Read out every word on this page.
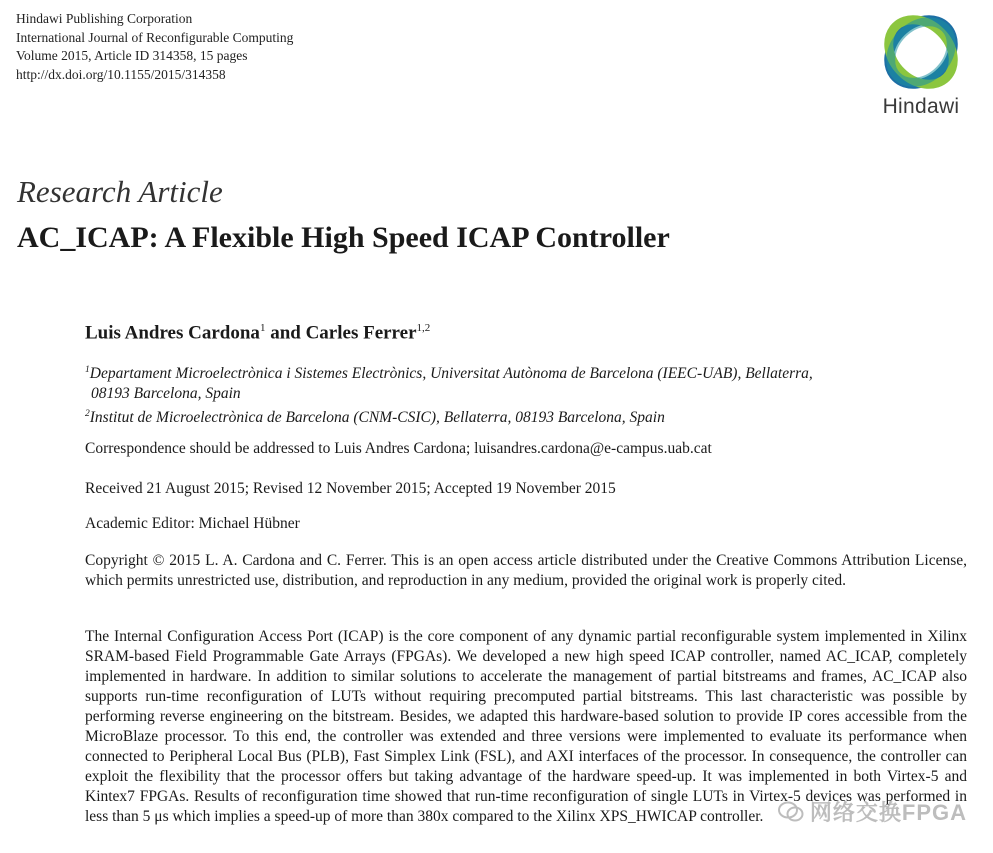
Hindawi Publishing Corporation
International Journal of Reconfigurable Computing
Volume 2015, Article ID 314358, 15 pages
http://dx.doi.org/10.1155/2015/314358
Hindawi
Research Article
AC_ICAP: A Flexible High Speed ICAP Controller
Luis Andres Cardona$^1$ and Carles Ferrer$^{1,2}$
$^1$Departament Microelectrònica i Sistemes Electrònics, Universitat Autònoma de Barcelona (IEEC-UAB), Bellaterra,
08193 Barcelona, Spain
$^2$Institut de Microelectrònica de Barcelona (CNM-CSIC), Bellaterra, 08193 Barcelona, Spain
Correspondence should be addressed to Luis Andres Cardona; luisandres.cardona@e-campus.uab.cat
Received 21 August 2015; Revised 12 November 2015; Accepted 19 November 2015
Academic Editor: Michael Hübner
Copyright © 2015 L. A. Cardona and C. Ferrer. This is an open access article distributed under the Creative Commons Attribution License, which permits unrestricted use, distribution, and reproduction in any medium, provided the original work is properly cited.
The Internal Configuration Access Port (ICAP) is the core component of any dynamic partial reconfigurable system implemented in Xilinx SRAM-based Field Programmable Gate Arrays (FPGAs). We developed a new high speed ICAP controller, named AC_ICAP, completely implemented in hardware. In addition to similar solutions to accelerate the management of partial bitstreams and frames, AC_ICAP also supports run-time reconfiguration of LUTs without requiring precomputed partial bitstreams. This last characteristic was possible by performing reverse engineering on the bitstream. Besides, we adapted this hardware-based solution to provide IP cores accessible from the MicroBlaze processor. To this end, the controller was extended and three versions were implemented to evaluate its performance when connected to Peripheral Local Bus (PLB), Fast Simplex Link (FSL), and AXI interfaces of the processor. In consequence, the controller can exploit the flexibility that the processor offers but taking advantage of the hardware speed-up. It was implemented in both Virtex-5 and Kintex7 FPGAs. Results of reconfiguration time showed that run-time reconfiguration of single LUTs in Virtex-5 devices was performed in less than 5 μs which implies a speed-up of more than 380x compared to the Xilinx XPS_HWICAP controller.	网络交换FPGA
